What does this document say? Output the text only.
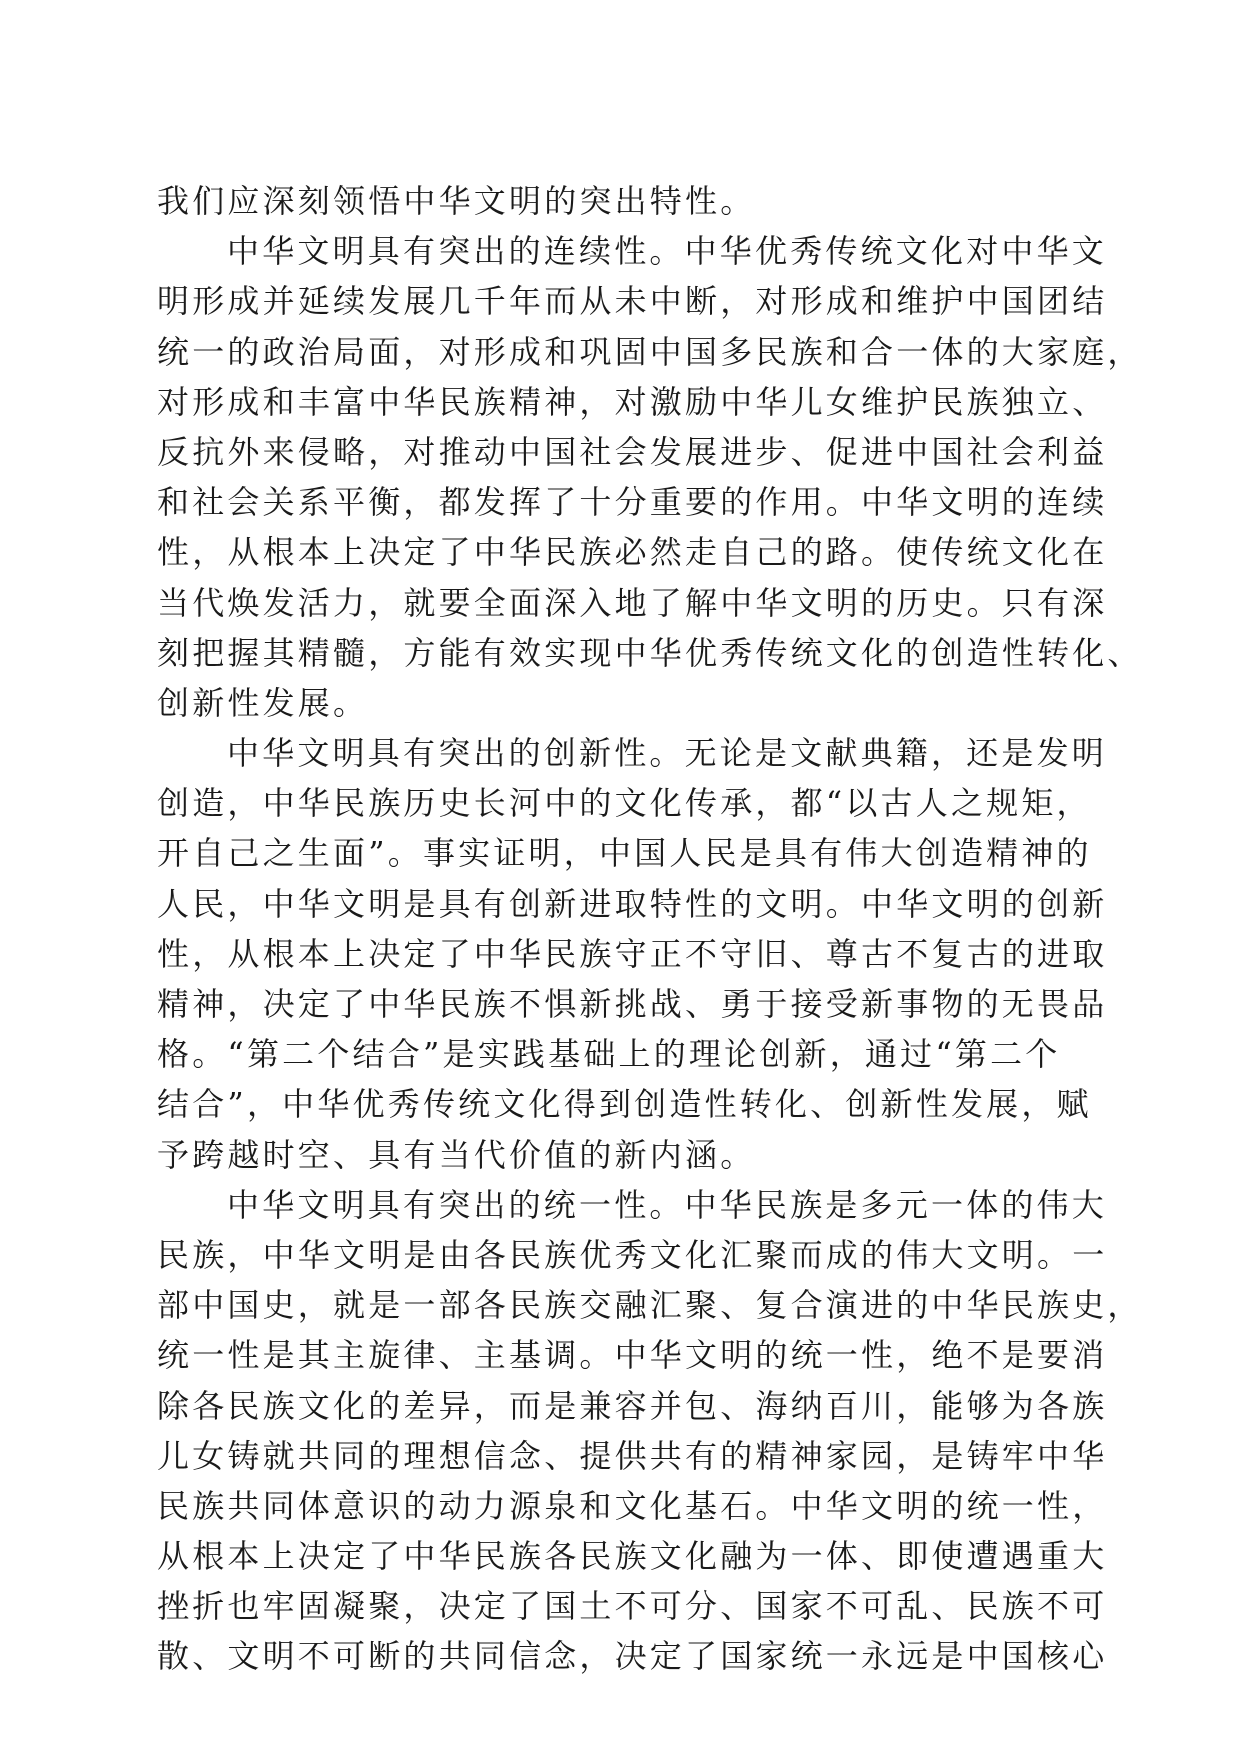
我们应深刻领悟中华文明的突出特性。
中华文明具有突出的连续性。中华优秀传统文化对中华文
明形成并延续发展几千年而从未中断，对形成和维护中国团结
统一的政治局面，对形成和巩固中国多民族和合一体的大家庭，
对形成和丰富中华民族精神，对激励中华儿女维护民族独立、
反抗外来侵略，对推动中国社会发展进步、促进中国社会利益
和社会关系平衡，都发挥了十分重要的作用。中华文明的连续
性，从根本上决定了中华民族必然走自己的路。使传统文化在
当代焕发活力，就要全面深入地了解中华文明的历史。只有深
刻把握其精髓，方能有效实现中华优秀传统文化的创造性转化、
创新性发展。
中华文明具有突出的创新性。无论是文献典籍，还是发明
创造，中华民族历史长河中的文化传承，都“以古人之规矩，
开自己之生面”。事实证明，中国人民是具有伟大创造精神的
人民，中华文明是具有创新进取特性的文明。中华文明的创新
性，从根本上决定了中华民族守正不守旧、尊古不复古的进取
精神，决定了中华民族不惧新挑战、勇于接受新事物的无畏品
格。“第二个结合”是实践基础上的理论创新，通过“第二个
结合”，中华优秀传统文化得到创造性转化、创新性发展，赋
予跨越时空、具有当代价值的新内涵。
中华文明具有突出的统一性。中华民族是多元一体的伟大
民族，中华文明是由各民族优秀文化汇聚而成的伟大文明。一
部中国史，就是一部各民族交融汇聚、复合演进的中华民族史，
统一性是其主旋律、主基调。中华文明的统一性，绝不是要消
除各民族文化的差异，而是兼容并包、海纳百川，能够为各族
儿女铸就共同的理想信念、提供共有的精神家园，是铸牢中华
民族共同体意识的动力源泉和文化基石。中华文明的统一性，
从根本上决定了中华民族各民族文化融为一体、即使遭遇重大
挫折也牢固凝聚，决定了国土不可分、国家不可乱、民族不可
散、文明不可断的共同信念，决定了国家统一永远是中国核心
